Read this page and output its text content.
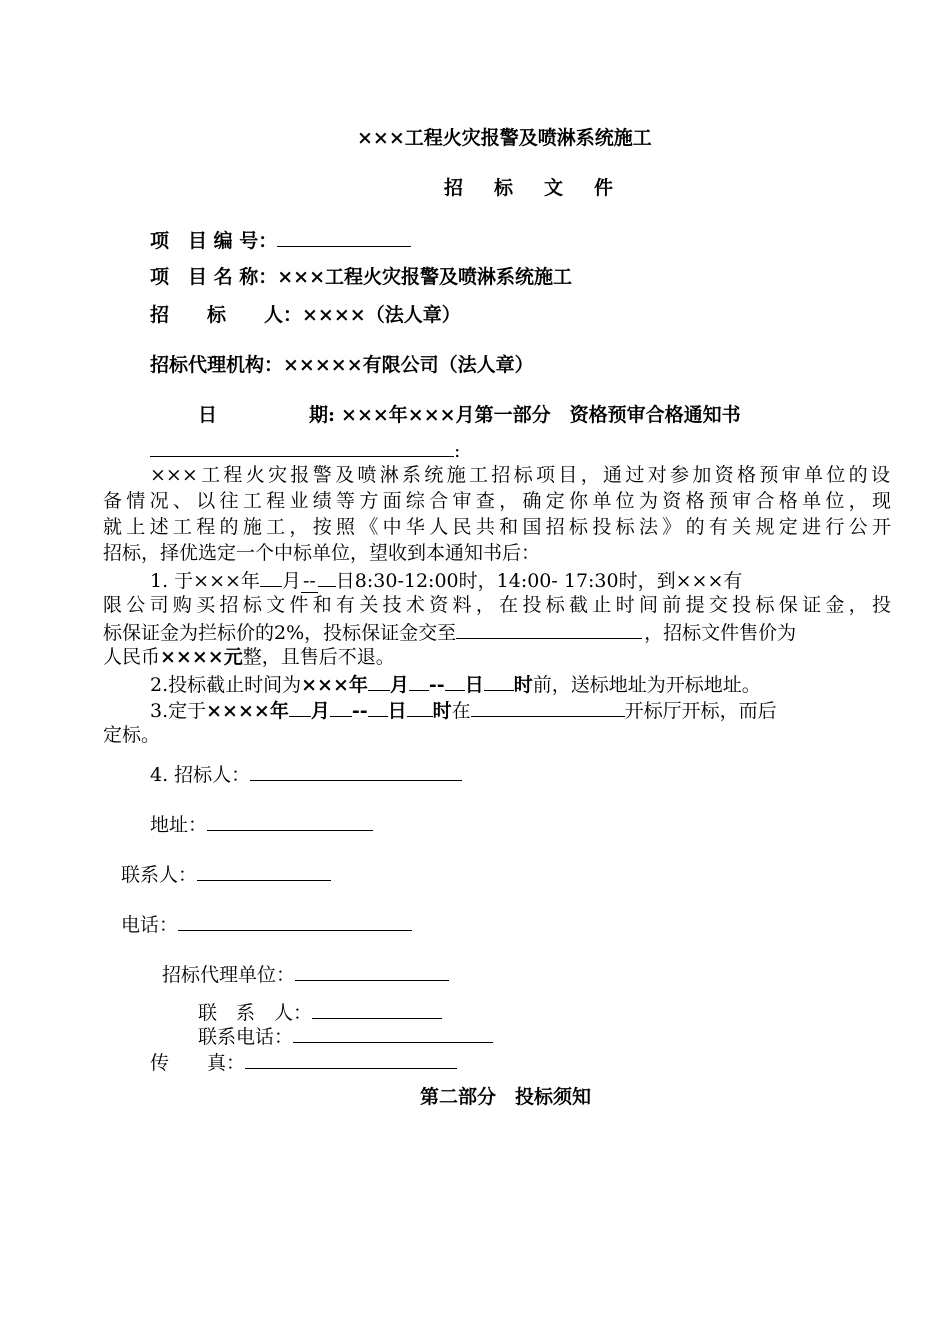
×××工程火灾报警及喷淋系统施工
招　标　文　件
项　目 编 号：
项　目 名 称：×××工程火灾报警及喷淋系统施工
招　　标　　人：××××（法人章）
招标代理机构：×××××有限公司（法人章）
日	期: ×××年×××月第一部分　资格预审合格通知书
:
×××工程火灾报警及喷淋系统施工招标项目，通过对参加资格预审单位的设
备情况、以往工程业绩等方面综合审查，确定你单位为资格预审合格单位，现
就上述工程的施工，按照《中华人民共和国招标投标法》的有关规定进行公开
招标，择优选定一个中标单位，望收到本通知书后：
1. 于×××年 月 -- 日8:30-12:00时，14:00- 17:30时，到×××有
限公司购买招标文件和有关技术资料，在投标截止时间前提交投标保证金，投
标保证金为拦标价的2%，投标保证金交至	，招标文件售价为
人民币××××元整，且售后不退。
2.投标截止时间为×××年 月 -- 日 时前，送标地址为开标地址。
3.定于××××年 月 -- 日 时在	开标厅开标，而后
定标。
4. 招标人：
地址：
联系人：
电话：
招标代理单位：
联　系　人：
联系电话：
传　　真：
第二部分　投标须知
